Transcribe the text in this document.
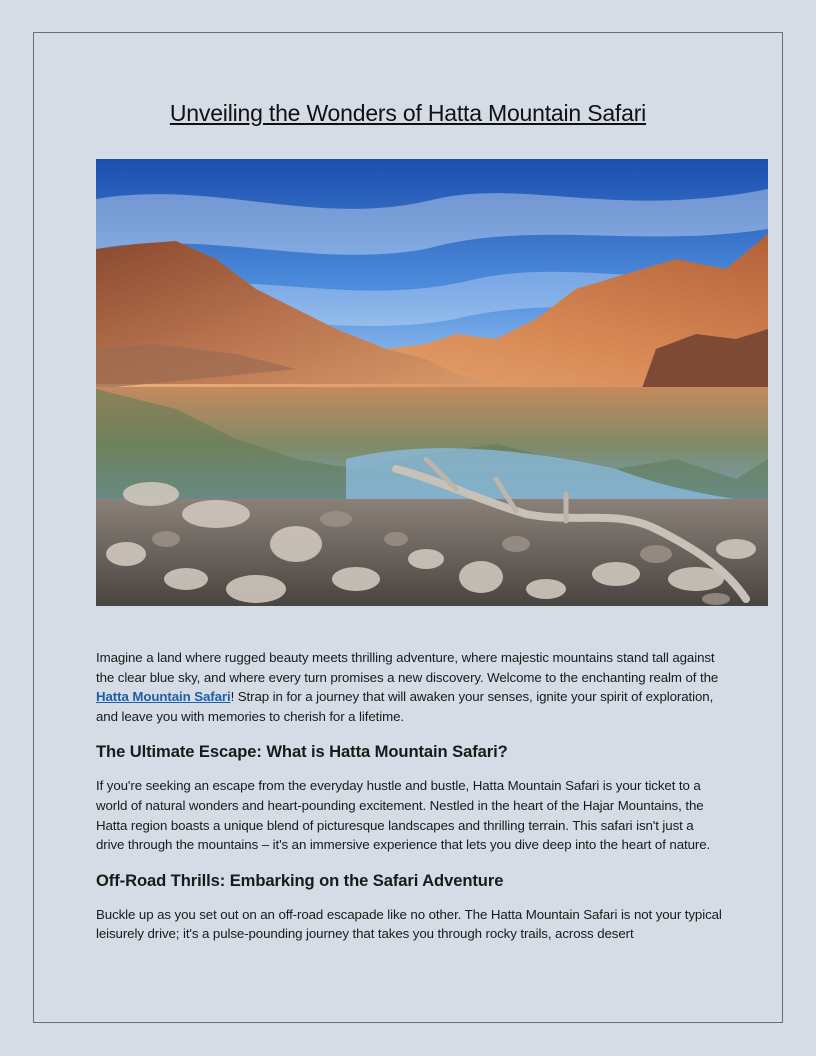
Unveiling the Wonders of Hatta Mountain Safari

Imagine a land where rugged beauty meets thrilling adventure, where majestic mountains stand tall against the clear blue sky, and where every turn promises a new discovery. Welcome to the enchanting realm of the Hatta Mountain Safari! Strap in for a journey that will awaken your senses, ignite your spirit of exploration, and leave you with memories to cherish for a lifetime.

The Ultimate Escape: What is Hatta Mountain Safari?

If you're seeking an escape from the everyday hustle and bustle, Hatta Mountain Safari is your ticket to a world of natural wonders and heart-pounding excitement. Nestled in the heart of the Hajar Mountains, the Hatta region boasts a unique blend of picturesque landscapes and thrilling terrain. This safari isn't just a drive through the mountains – it's an immersive experience that lets you dive deep into the heart of nature.

Off-Road Thrills: Embarking on the Safari Adventure

Buckle up as you set out on an off-road escapade like no other. The Hatta Mountain Safari is not your typical leisurely drive; it's a pulse-pounding journey that takes you through rocky trails, across desert
